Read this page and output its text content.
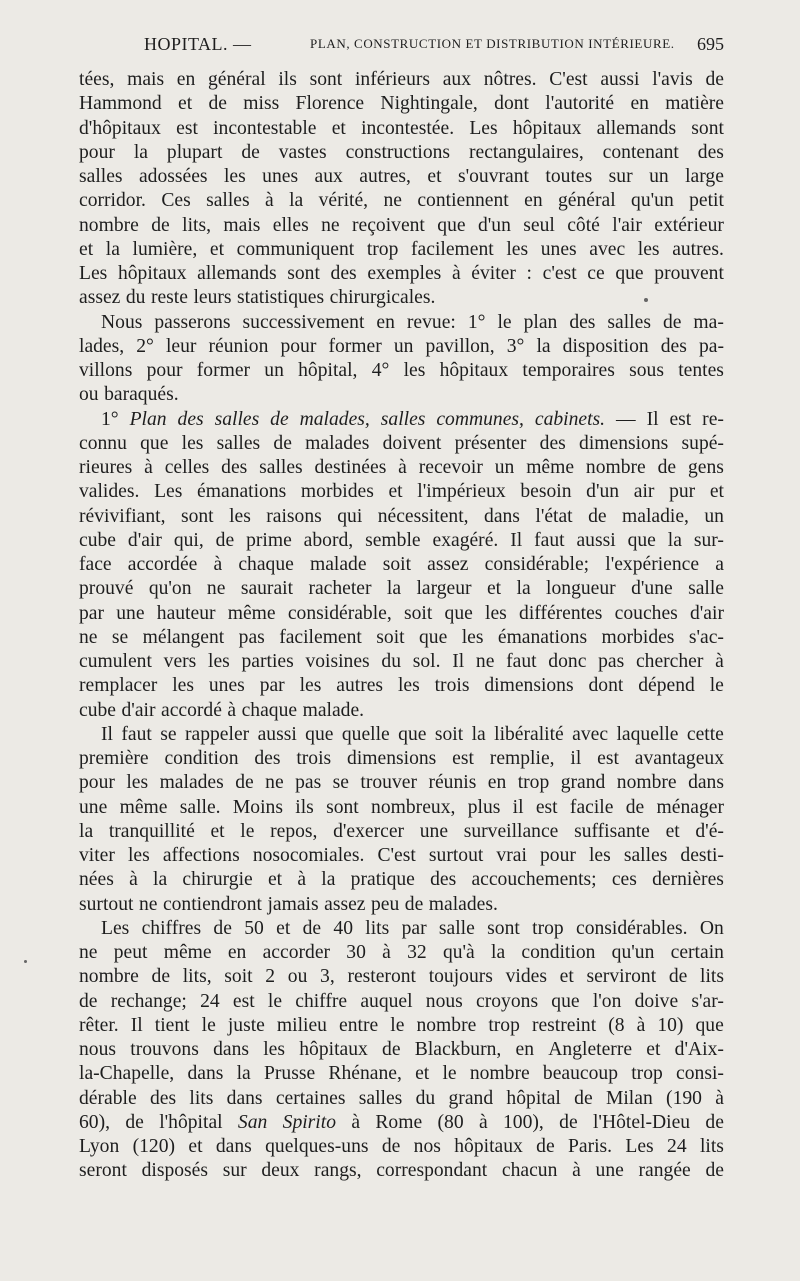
HOPITAL. —	PLAN, CONSTRUCTION ET DISTRIBUTION INTÉRIEURE. 695
tées, mais en général ils sont inférieurs aux nôtres. C'est aussi l'avis de
Hammond et de miss Florence Nightingale, dont l'autorité en matière
d'hôpitaux est incontestable et incontestée. Les hôpitaux allemands sont
pour la plupart de vastes constructions rectangulaires, contenant des
salles adossées les unes aux autres, et s'ouvrant toutes sur un large
corridor. Ces salles à la vérité, ne contiennent en général qu'un petit
nombre de lits, mais elles ne reçoivent que d'un seul côté l'air extérieur
et la lumière, et communiquent trop facilement les unes avec les autres.
Les hôpitaux allemands sont des exemples à éviter : c'est ce que prouvent
assez du reste leurs statistiques chirurgicales.
Nous passerons successivement en revue: 1° le plan des salles de ma-
lades, 2° leur réunion pour former un pavillon, 3° la disposition des pa-
villons pour former un hôpital, 4° les hôpitaux temporaires sous tentes
ou baraqués.
1° Plan des salles de malades, salles communes, cabinets. — Il est re-
connu que les salles de malades doivent présenter des dimensions supé-
rieures à celles des salles destinées à recevoir un même nombre de gens
valides. Les émanations morbides et l'impérieux besoin d'un air pur et
révivifiant, sont les raisons qui nécessitent, dans l'état de maladie, un
cube d'air qui, de prime abord, semble exagéré. Il faut aussi que la sur-
face accordée à chaque malade soit assez considérable; l'expérience a
prouvé qu'on ne saurait racheter la largeur et la longueur d'une salle
par une hauteur même considérable, soit que les différentes couches d'air
ne se mélangent pas facilement soit que les émanations morbides s'ac-
cumulent vers les parties voisines du sol. Il ne faut donc pas chercher à
remplacer les unes par les autres les trois dimensions dont dépend le
cube d'air accordé à chaque malade.
Il faut se rappeler aussi que quelle que soit la libéralité avec laquelle cette
première condition des trois dimensions est remplie, il est avantageux
pour les malades de ne pas se trouver réunis en trop grand nombre dans
une même salle. Moins ils sont nombreux, plus il est facile de ménager
la tranquillité et le repos, d'exercer une surveillance suffisante et d'é-
viter les affections nosocomiales. C'est surtout vrai pour les salles desti-
nées à la chirurgie et à la pratique des accouchements; ces dernières
surtout ne contiendront jamais assez peu de malades.
Les chiffres de 50 et de 40 lits par salle sont trop considérables. On
ne peut même en accorder 30 à 32 qu'à la condition qu'un certain
nombre de lits, soit 2 ou 3, resteront toujours vides et serviront de lits
de rechange; 24 est le chiffre auquel nous croyons que l'on doive s'ar-
rêter. Il tient le juste milieu entre le nombre trop restreint (8 à 10) que
nous trouvons dans les hôpitaux de Blackburn, en Angleterre et d'Aix-
la-Chapelle, dans la Prusse Rhénane, et le nombre beaucoup trop consi-
dérable des lits dans certaines salles du grand hôpital de Milan (190 à
60), de l'hôpital San Spirito à Rome (80 à 100), de l'Hôtel-Dieu de
Lyon (120) et dans quelques-uns de nos hôpitaux de Paris. Les 24 lits
seront disposés sur deux rangs, correspondant chacun à une rangée de
